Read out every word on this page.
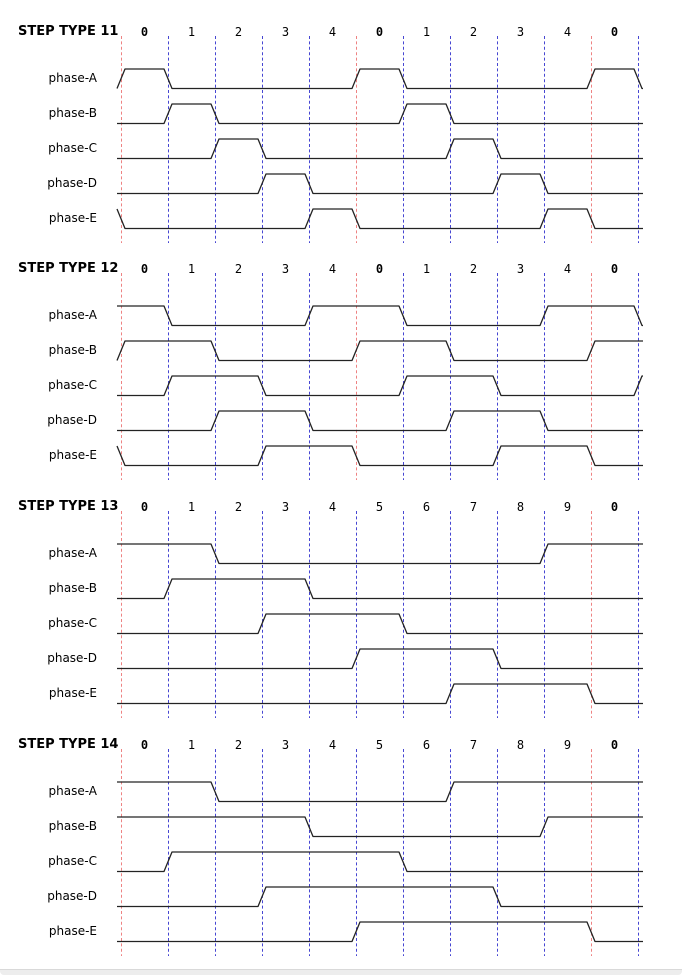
STEP TYPE 11	0	1	2	3	4	0	1	2	3	4	0
phase-A
phase-B
phase-C
phase-D
phase-E
STEP TYPE 12	0	1	2	3	4	0	1	2	3	4	0
phase-A
phase-B
phase-C
phase-D
phase-E
STEP TYPE 13	0	1	2	3	4	5	6	7	8	9	0
phase-A
phase-B
phase-C
phase-D
phase-E
STEP TYPE 14	0	1	2	3	4	5	6	7	8	9	0
phase-A
phase-B
phase-C
phase-D
phase-E
